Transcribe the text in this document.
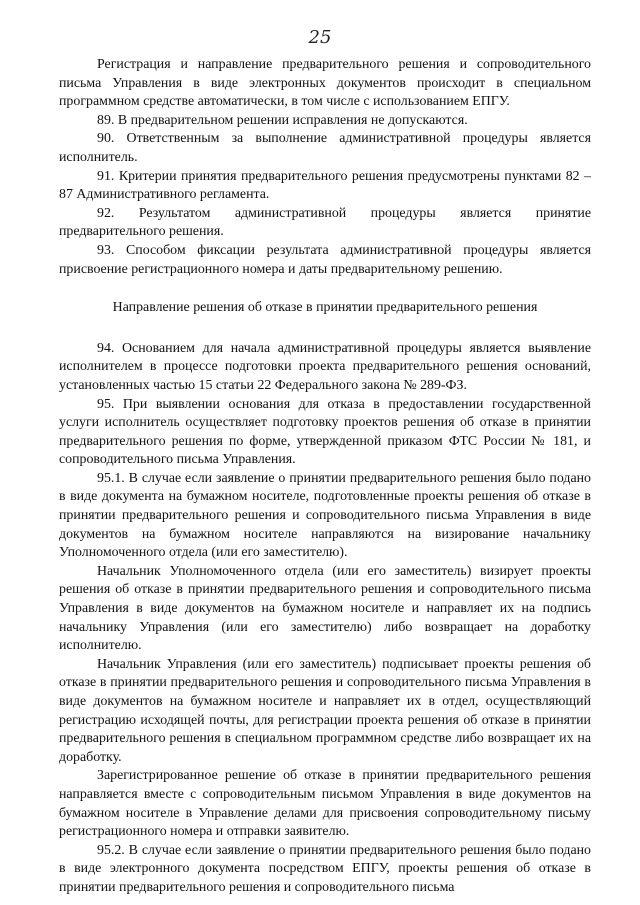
25

Регистрация и направление предварительного решения и сопроводительного письма Управления в виде электронных документов происходит в специальном программном средстве автоматически, в том числе с использованием ЕПГУ.

89. В предварительном решении исправления не допускаются.

90. Ответственным за выполнение административной процедуры является исполнитель.

91. Критерии принятия предварительного решения предусмотрены пунктами 82 – 87 Административного регламента.

92. Результатом административной процедуры является принятие предварительного решения.

93. Способом фиксации результата административной процедуры является присвоение регистрационного номера и даты предварительному решению.

Направление решения об отказе в принятии предварительного решения

94. Основанием для начала административной процедуры является выявление исполнителем в процессе подготовки проекта предварительного решения оснований, установленных частью 15 статьи 22 Федерального закона № 289-ФЗ.

95. При выявлении основания для отказа в предоставлении государственной услуги исполнитель осуществляет подготовку проектов решения об отказе в принятии предварительного решения по форме, утвержденной приказом ФТС России № 181, и сопроводительного письма Управления.

95.1. В случае если заявление о принятии предварительного решения было подано в виде документа на бумажном носителе, подготовленные проекты решения об отказе в принятии предварительного решения и сопроводительного письма Управления в виде документов на бумажном носителе направляются на визирование начальнику Уполномоченного отдела (или его заместителю).

Начальник Уполномоченного отдела (или его заместитель) визирует проекты решения об отказе в принятии предварительного решения и сопроводительного письма Управления в виде документов на бумажном носителе и направляет их на подпись начальнику Управления (или его заместителю) либо возвращает на доработку исполнителю.

Начальник Управления (или его заместитель) подписывает проекты решения об отказе в принятии предварительного решения и сопроводительного письма Управления в виде документов на бумажном носителе и направляет их в отдел, осуществляющий регистрацию исходящей почты, для регистрации проекта решения об отказе в принятии предварительного решения в специальном программном средстве либо возвращает их на доработку.

Зарегистрированное решение об отказе в принятии предварительного решения направляется вместе с сопроводительным письмом Управления в виде документов на бумажном носителе в Управление делами для присвоения сопроводительному письму регистрационного номера и отправки заявителю.

95.2. В случае если заявление о принятии предварительного решения было подано в виде электронного документа посредством ЕПГУ, проекты решения об отказе в принятии предварительного решения и сопроводительного письма
